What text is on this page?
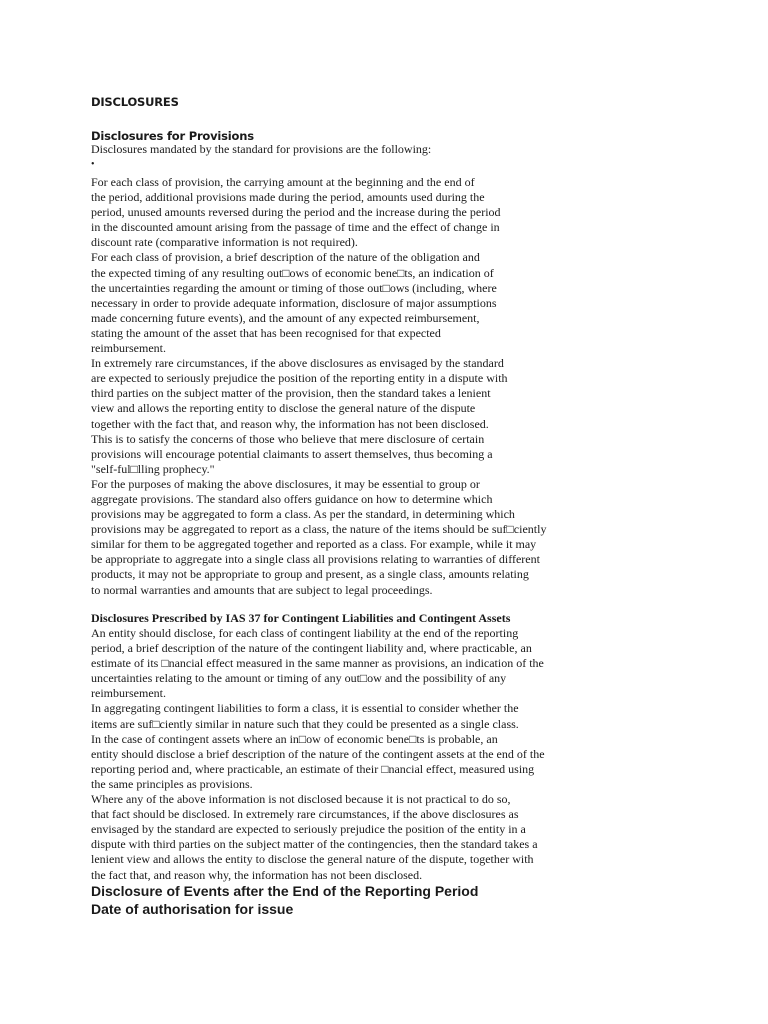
DISCLOSURES
Disclosures for Provisions
Disclosures mandated by the standard for provisions are the following:
•
For each class of provision, the carrying amount at the beginning and the end of
the period, additional provisions made during the period, amounts used during the
period, unused amounts reversed during the period and the increase during the period
in the discounted amount arising from the passage of time and the effect of change in
discount rate (comparative information is not required).
For each class of provision, a brief description of the nature of the obligation and
the expected timing of any resulting out□ows of economic bene□ts, an indication of
the uncertainties regarding the amount or timing of those out□ows (including, where
necessary in order to provide adequate information, disclosure of major assumptions
made concerning future events), and the amount of any expected reimbursement,
stating the amount of the asset that has been recognised for that expected
reimbursement.
In extremely rare circumstances, if the above disclosures as envisaged by the standard
are expected to seriously prejudice the position of the reporting entity in a dispute with
third parties on the subject matter of the provision, then the standard takes a lenient
view and allows the reporting entity to disclose the general nature of the dispute
together with the fact that, and reason why, the information has not been disclosed.
This is to satisfy the concerns of those who believe that mere disclosure of certain
provisions will encourage potential claimants to assert themselves, thus becoming a
"self-ful□lling prophecy."
For the purposes of making the above disclosures, it may be essential to group or
aggregate provisions. The standard also offers guidance on how to determine which
provisions may be aggregated to form a class. As per the standard, in determining which
provisions may be aggregated to report as a class, the nature of the items should be suf□ciently
similar for them to be aggregated together and reported as a class. For example, while it may
be appropriate to aggregate into a single class all provisions relating to warranties of different
products, it may not be appropriate to group and present, as a single class, amounts relating
to normal warranties and amounts that are subject to legal proceedings.
Disclosures Prescribed by IAS 37 for Contingent Liabilities and Contingent Assets
An entity should disclose, for each class of contingent liability at the end of the reporting
period, a brief description of the nature of the contingent liability and, where practicable, an
estimate of its □nancial effect measured in the same manner as provisions, an indication of the
uncertainties relating to the amount or timing of any out□ow and the possibility of any
reimbursement.
In aggregating contingent liabilities to form a class, it is essential to consider whether the
items are suf□ciently similar in nature such that they could be presented as a single class.
In the case of contingent assets where an in□ow of economic bene□ts is probable, an
entity should disclose a brief description of the nature of the contingent assets at the end of the
reporting period and, where practicable, an estimate of their □nancial effect, measured using
the same principles as provisions.
Where any of the above information is not disclosed because it is not practical to do so,
that fact should be disclosed. In extremely rare circumstances, if the above disclosures as
envisaged by the standard are expected to seriously prejudice the position of the entity in a
dispute with third parties on the subject matter of the contingencies, then the standard takes a
lenient view and allows the entity to disclose the general nature of the dispute, together with
the fact that, and reason why, the information has not been disclosed.
Disclosure of Events after the End of the Reporting Period
Date of authorisation for issue
